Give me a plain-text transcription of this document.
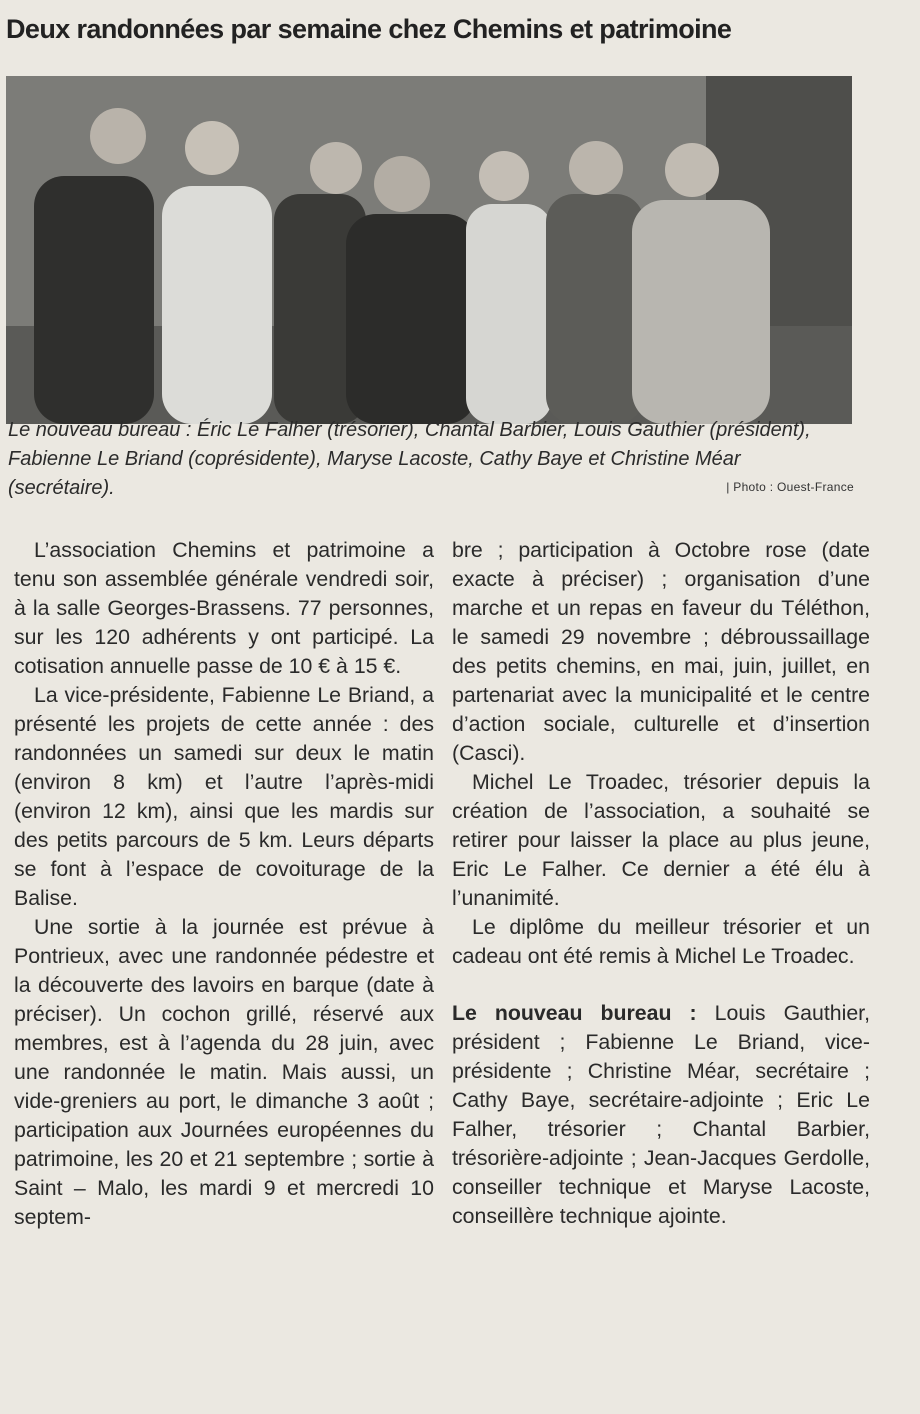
Deux randonnées par semaine chez Chemins et patrimoine
Le nouveau bureau : Éric Le Falher (trésorier), Chantal Barbier, Louis Gauthier (président), Fabienne Le Briand (coprésidente), Maryse Lacoste, Cathy Baye et Christine Méar (secrétaire).	| Photo : Ouest-France

L’association Chemins et patrimoine a tenu son assemblée générale vendredi soir, à la salle Georges-Brassens. 77 personnes, sur les 120 adhérents y ont participé. La cotisation annuelle passe de 10 € à 15 €.

La vice-présidente, Fabienne Le Briand, a présenté les projets de cette année : des randonnées un samedi sur deux le matin (environ 8 km) et l’autre l’après-midi (environ 12 km), ainsi que les mardis sur des petits parcours de 5 km. Leurs départs se font à l’espace de covoiturage de la Balise.

Une sortie à la journée est prévue à Pontrieux, avec une randonnée pédestre et la découverte des lavoirs en barque (date à préciser). Un cochon grillé, réservé aux membres, est à l’agenda du 28 juin, avec une randonnée le matin. Mais aussi, un vide-greniers au port, le dimanche 3 août ; participation aux Journées européennes du patrimoine, les 20 et 21 septembre ; sortie à Saint – Malo, les mardi 9 et mercredi 10 septem-

bre ; participation à Octobre rose (date exacte à préciser) ; organisation d’une marche et un repas en faveur du Téléthon, le samedi 29 novembre ; débroussaillage des petits chemins, en mai, juin, juillet, en partenariat avec la municipalité et le centre d’action sociale, culturelle et d’insertion (Casci).

Michel Le Troadec, trésorier depuis la création de l’association, a souhaité se retirer pour laisser la place au plus jeune, Eric Le Falher. Ce dernier a été élu à l’unanimité.

Le diplôme du meilleur trésorier et un cadeau ont été remis à Michel Le Troadec.

Le nouveau bureau : Louis Gauthier, président ; Fabienne Le Briand, vice-présidente ; Christine Méar, secrétaire ; Cathy Baye, secrétaire-adjointe ; Eric Le Falher, trésorier ; Chantal Barbier, trésorière-adjointe ; Jean-Jacques Gerdolle, conseiller technique et Maryse Lacoste, conseillère technique ajointe.
